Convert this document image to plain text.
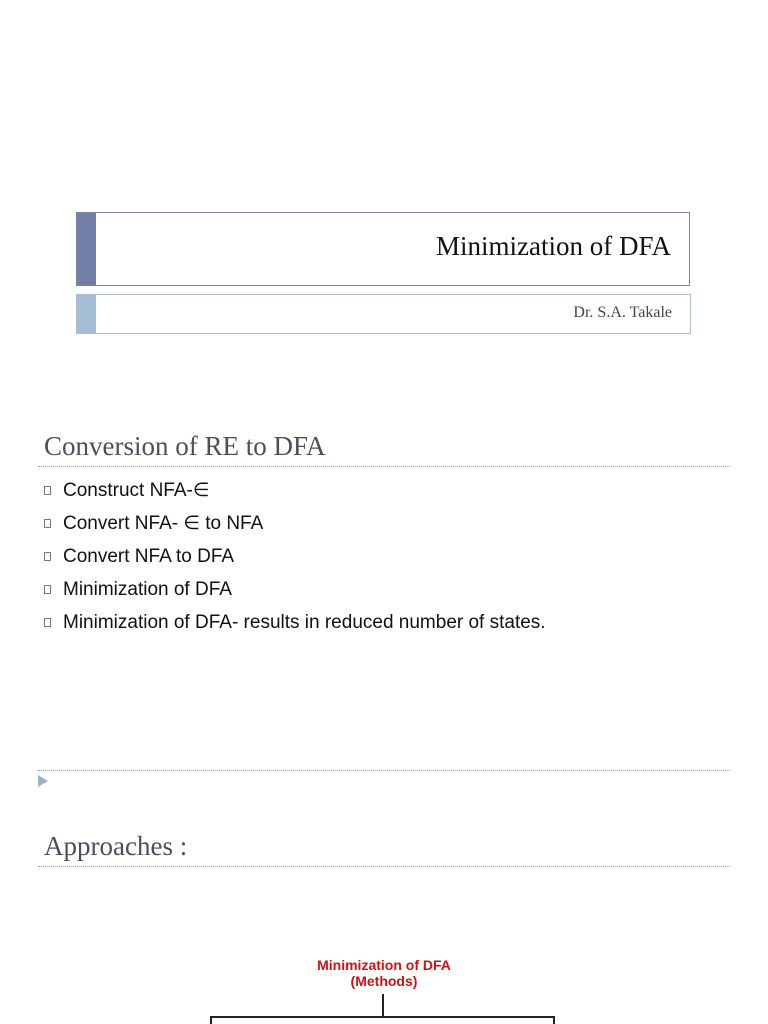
Minimization of DFA
Dr. S.A. Takale
Conversion of RE to DFA
Construct NFA-∈
Convert NFA- ∈ to NFA
Convert NFA to DFA
Minimization of DFA
Minimization of DFA- results in reduced number of states.
Approaches :
Minimization of DFA
(Methods)
